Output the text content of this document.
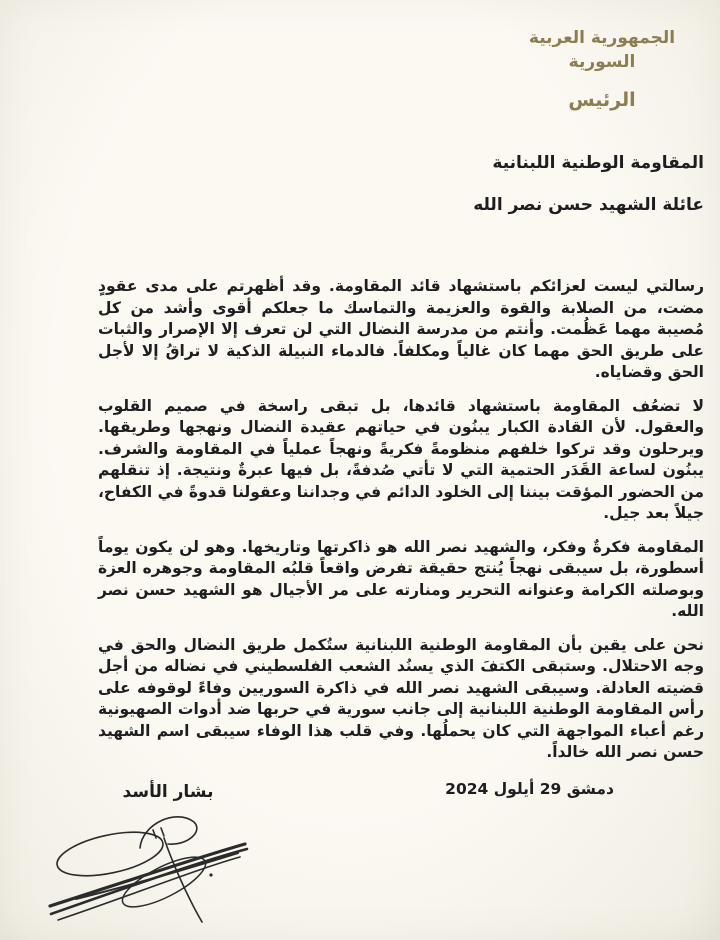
الجمهورية العربية السورية
الرئيس

المقاومة الوطنية اللبنانية

عائلة الشهيد حسن نصر الله

رسالتي ليست لعزائكم باستشهاد قائد المقاومة. وقد أظهرتم على مدى عقودٍ مضت، من الصلابة والقوة والعزيمة والتماسك ما جعلكم أقوى وأشد من كل مُصيبة مهما عَظُمت. وأنتم من مدرسة النضال التي لن تعرف إلا الإصرار والثبات على طريق الحق مهما كان غالياً ومكلفاً. فالدماء النبيلة الذكية لا تراقُ إلا لأجل الحق وقضاياه.

لا تضعُف المقاومة باستشهاد قائدها، بل تبقى راسخة في صميم القلوب والعقول. لأن القادة الكبار يبنُون في حياتهم عقيدة النضال ونهجها وطريقها. ويرحلون وقد تركوا خلفهم منظومةً فكريةً ونهجاً عملياً في المقاومة والشرف. يبنُون لساعة القَدَر الحتمية التي لا تأتي صُدفةً، بل فيها عبرةٌ ونتيجة. إذ تنقلهم من الحضور المؤقت بيننا إلى الخلود الدائم في وجداننا وعقولنا قدوةً في الكفاح، جيلاً بعد جيل.

المقاومة فكرةٌ وفكر، والشهيد نصر الله هو ذاكرتها وتاريخها. وهو لن يكون يوماً أسطورة، بل سيبقى نهجاً يُنتج حقيقة تفرض واقعاً قلبُه المقاومة وجوهره العزة وبوصلته الكرامة وعنوانه التحرير ومنارته على مر الأجيال هو الشهيد حسن نصر الله.

نحن على يقين بأن المقاومة الوطنية اللبنانية ستُكمل طريق النضال والحق في وجه الاحتلال. وستبقى الكتفَ الذي يسنُد الشعب الفلسطيني في نضاله من أجل قضيته العادلة. وسيبقى الشهيد نصر الله في ذاكرة السوريين وفاءً لوقوفه على رأس المقاومة الوطنية اللبنانية إلى جانب سورية في حربها ضد أدوات الصهيونية رغم أعباء المواجهة التي كان يحملُها. وفي قلب هذا الوفاء سيبقى اسم الشهيد حسن نصر الله خالداً.

دمشق 29 أيلول 2024
بشار الأسد
